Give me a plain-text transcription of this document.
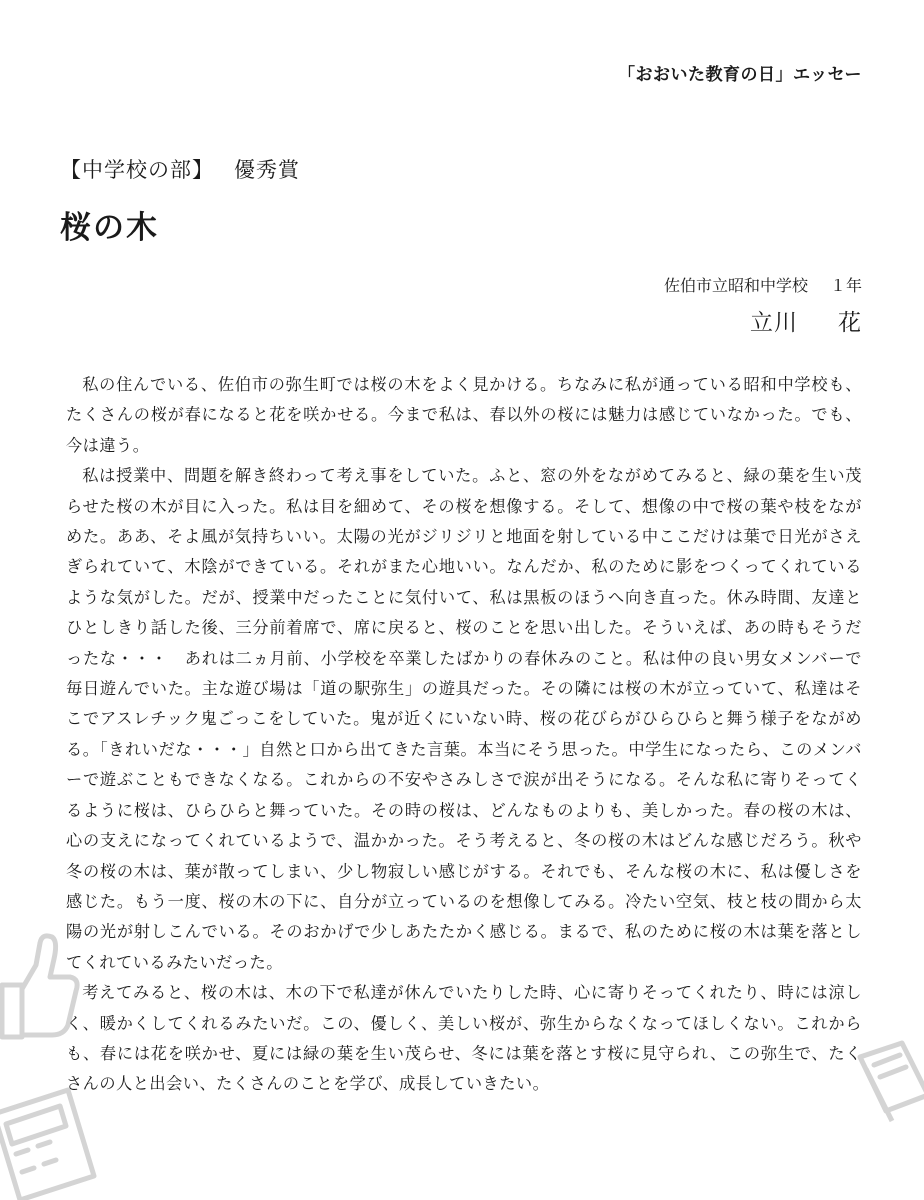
「おおいた教育の日」エッセー
【中学校の部】 優秀賞
桜の木
佐伯市立昭和中学校 １年
立川 花

私の住んでいる、佐伯市の弥生町では桜の木をよく見かける。ちなみに私が通っている昭和中学校も、たくさんの桜が春になると花を咲かせる。今まで私は、春以外の桜には魅力は感じていなかった。でも、今は違う。

私は授業中、問題を解き終わって考え事をしていた。ふと、窓の外をながめてみると、緑の葉を生い茂らせた桜の木が目に入った。私は目を細めて、その桜を想像する。そして、想像の中で桜の葉や枝をながめた。ああ、そよ風が気持ちいい。太陽の光がジリジリと地面を射している中ここだけは葉で日光がさえぎられていて、木陰ができている。それがまた心地いい。なんだか、私のために影をつくってくれているような気がした。だが、授業中だったことに気付いて、私は黒板のほうへ向き直った。休み時間、友達とひとしきり話した後、三分前着席で、席に戻ると、桜のことを思い出した。そういえば、あの時もそうだったな・・・　あれは二ヵ月前、小学校を卒業したばかりの春休みのこと。私は仲の良い男女メンバーで毎日遊んでいた。主な遊び場は「道の駅弥生」の遊具だった。その隣には桜の木が立っていて、私達はそこでアスレチック鬼ごっこをしていた。鬼が近くにいない時、桜の花びらがひらひらと舞う様子をながめる。「きれいだな・・・」自然と口から出てきた言葉。本当にそう思った。中学生になったら、このメンバーで遊ぶこともできなくなる。これからの不安やさみしさで涙が出そうになる。そんな私に寄りそってくるように桜は、ひらひらと舞っていた。その時の桜は、どんなものよりも、美しかった。春の桜の木は、心の支えになってくれているようで、温かかった。そう考えると、冬の桜の木はどんな感じだろう。秋や冬の桜の木は、葉が散ってしまい、少し物寂しい感じがする。それでも、そんな桜の木に、私は優しさを感じた。もう一度、桜の木の下に、自分が立っているのを想像してみる。冷たい空気、枝と枝の間から太陽の光が射しこんでいる。そのおかげで少しあたたかく感じる。まるで、私のために桜の木は葉を落としてくれているみたいだった。

考えてみると、桜の木は、木の下で私達が休んでいたりした時、心に寄りそってくれたり、時には涼しく、暖かくしてくれるみたいだ。この、優しく、美しい桜が、弥生からなくなってほしくない。これからも、春には花を咲かせ、夏には緑の葉を生い茂らせ、冬には葉を落とす桜に見守られ、この弥生で、たくさんの人と出会い、たくさんのことを学び、成長していきたい。
